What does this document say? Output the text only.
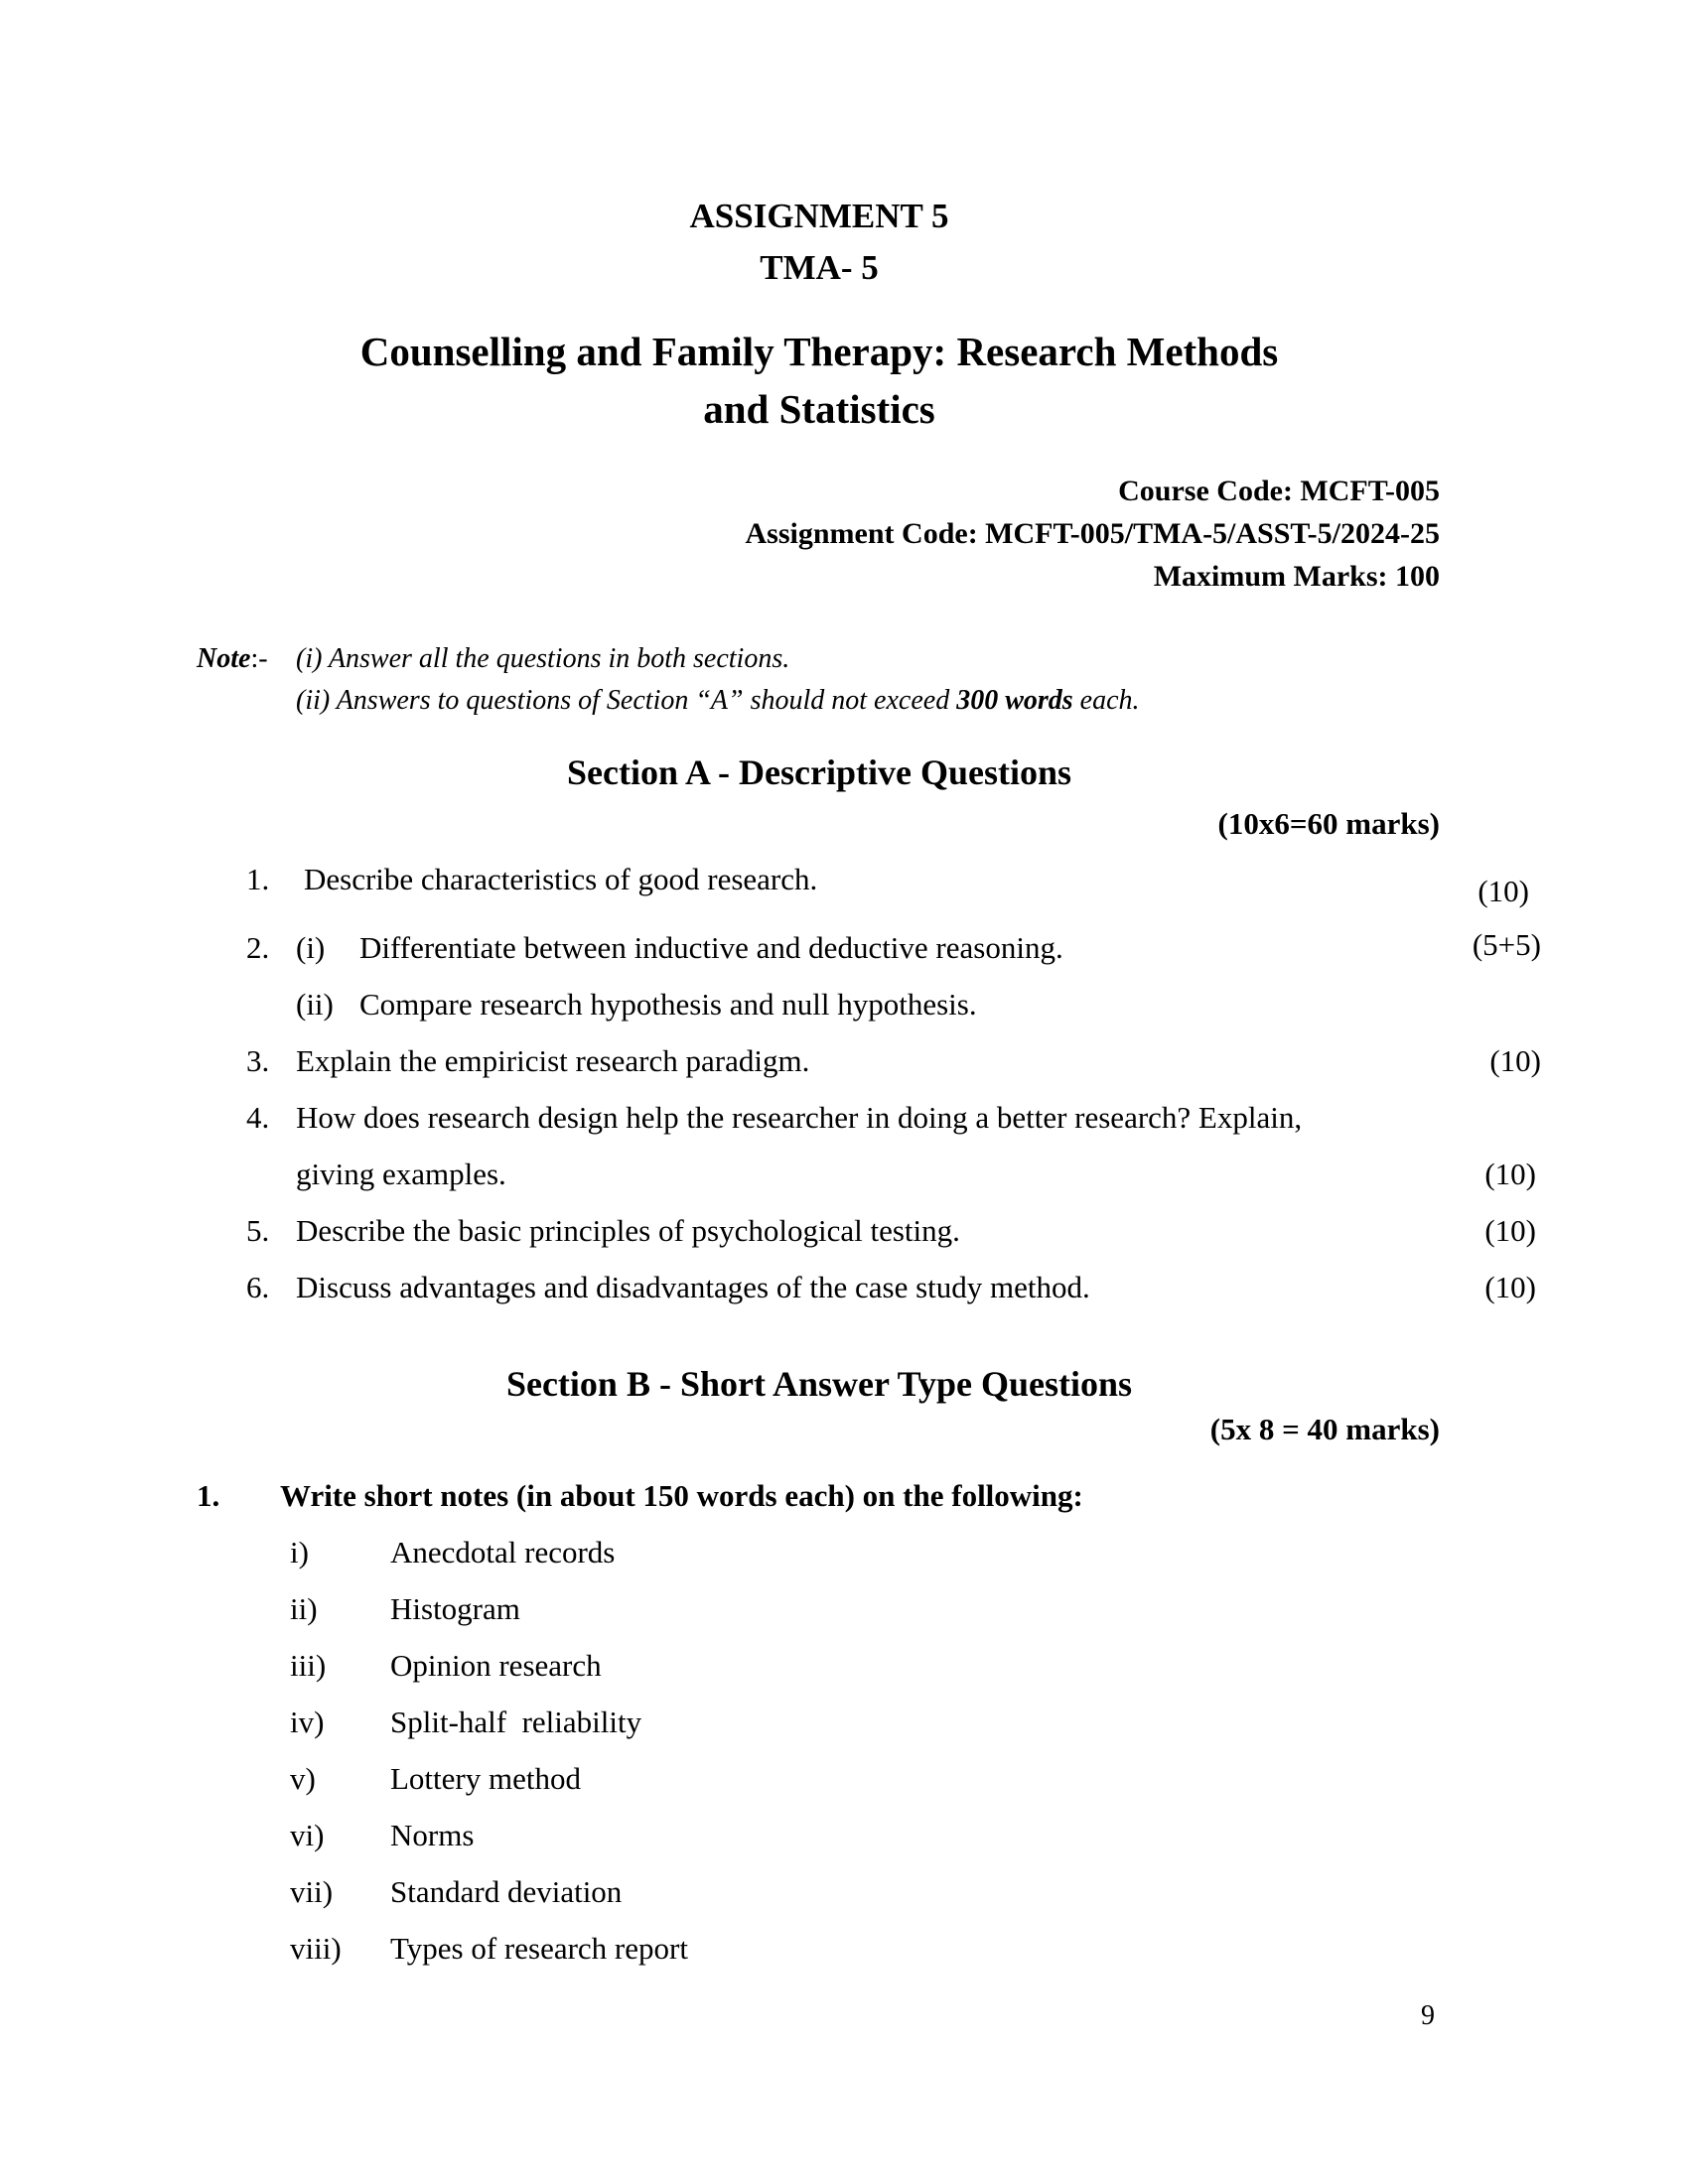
ASSIGNMENT 5
TMA- 5
Counselling and Family Therapy: Research Methods
and Statistics
Course Code: MCFT-005
Assignment Code: MCFT-005/TMA-5/ASST-5/2024-25
Maximum Marks: 100
Note:- (i) Answer all the questions in both sections.
(ii) Answers to questions of Section “A” should not exceed 300 words each.
Section A - Descriptive Questions
(10x6=60 marks)
1. Describe characteristics of good research.	(10)
2. (i) Differentiate between inductive and deductive reasoning.	(5+5)
(ii) Compare research hypothesis and null hypothesis.
3. Explain the empiricist research paradigm.	(10)
4. How does research design help the researcher in doing a better research? Explain,
giving examples.	(10)
5. Describe the basic principles of psychological testing.	(10)
6. Discuss advantages and disadvantages of the case study method.	(10)
Section B - Short Answer Type Questions
(5x 8 = 40 marks)
1. Write short notes (in about 150 words each) on the following:
i)	Anecdotal records
ii) Histogram
iii) Opinion research
iv) Split-half  reliability
v) Lottery method
vi) Norms
vii) Standard deviation
viii) Types of research report
9
